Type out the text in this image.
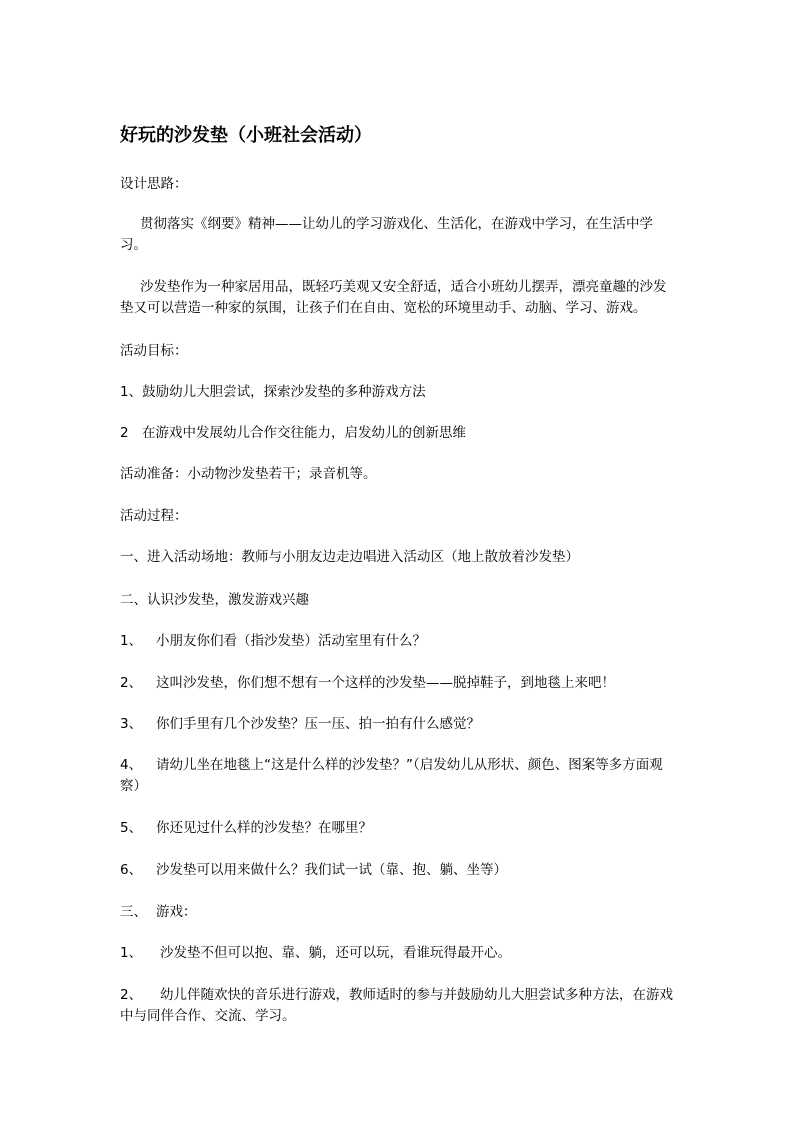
好玩的沙发垫（小班社会活动）
设计思路：
贯彻落实《纲要》精神——让幼儿的学习游戏化、生活化，在游戏中学习，在生活中学习。
沙发垫作为一种家居用品，既轻巧美观又安全舒适，适合小班幼儿摆弄，漂亮童趣的沙发垫又可以营造一种家的氛围，让孩子们在自由、宽松的环境里动手、动脑、学习、游戏。
活动目标：
1、鼓励幼儿大胆尝试，探索沙发垫的多种游戏方法
2 在游戏中发展幼儿合作交往能力，启发幼儿的创新思维
活动准备：小动物沙发垫若干；录音机等。
活动过程：
一、进入活动场地：教师与小朋友边走边唱进入活动区（地上散放着沙发垫）
二、认识沙发垫，激发游戏兴趣
1、 小朋友你们看（指沙发垫）活动室里有什么？
2、 这叫沙发垫，你们想不想有一个这样的沙发垫——脱掉鞋子，到地毯上来吧！
3、 你们手里有几个沙发垫？压一压、拍一拍有什么感觉？
4、 请幼儿坐在地毯上“这是什么样的沙发垫？”（启发幼儿从形状、颜色、图案等多方面观察）
5、 你还见过什么样的沙发垫？在哪里？
6、 沙发垫可以用来做什么？我们试一试（靠、抱、躺、坐等）
三、 游戏：
1、 沙发垫不但可以抱、靠、躺，还可以玩，看谁玩得最开心。
2、 幼儿伴随欢快的音乐进行游戏，教师适时的参与并鼓励幼儿大胆尝试多种方法，在游戏中与同伴合作、交流、学习。
